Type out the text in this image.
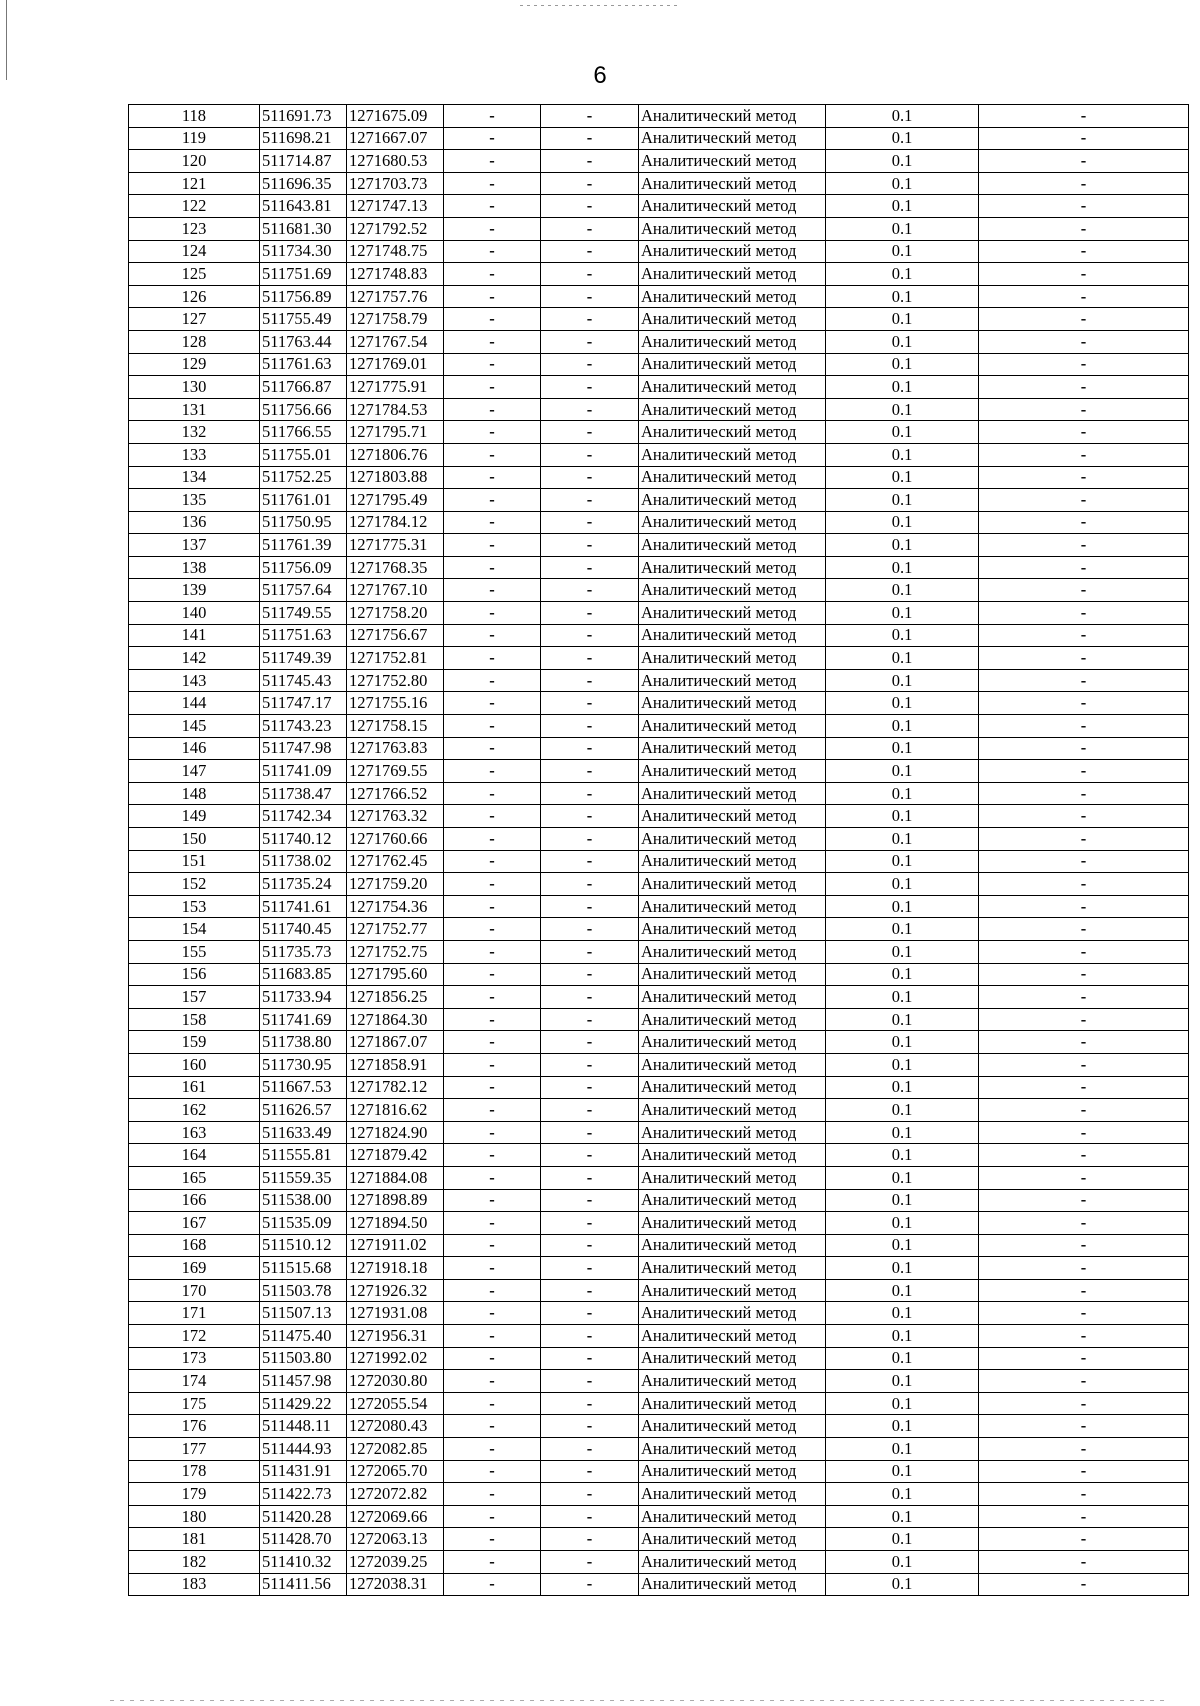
6
118	511691.73	1271675.09	-	-	Аналитический метод	0.1	-
119	511698.21	1271667.07	-	-	Аналитический метод	0.1	-
120	511714.87	1271680.53	-	-	Аналитический метод	0.1	-
121	511696.35	1271703.73	-	-	Аналитический метод	0.1	-
122	511643.81	1271747.13	-	-	Аналитический метод	0.1	-
123	511681.30	1271792.52	-	-	Аналитический метод	0.1	-
124	511734.30	1271748.75	-	-	Аналитический метод	0.1	-
125	511751.69	1271748.83	-	-	Аналитический метод	0.1	-
126	511756.89	1271757.76	-	-	Аналитический метод	0.1	-
127	511755.49	1271758.79	-	-	Аналитический метод	0.1	-
128	511763.44	1271767.54	-	-	Аналитический метод	0.1	-
129	511761.63	1271769.01	-	-	Аналитический метод	0.1	-
130	511766.87	1271775.91	-	-	Аналитический метод	0.1	-
131	511756.66	1271784.53	-	-	Аналитический метод	0.1	-
132	511766.55	1271795.71	-	-	Аналитический метод	0.1	-
133	511755.01	1271806.76	-	-	Аналитический метод	0.1	-
134	511752.25	1271803.88	-	-	Аналитический метод	0.1	-
135	511761.01	1271795.49	-	-	Аналитический метод	0.1	-
136	511750.95	1271784.12	-	-	Аналитический метод	0.1	-
137	511761.39	1271775.31	-	-	Аналитический метод	0.1	-
138	511756.09	1271768.35	-	-	Аналитический метод	0.1	-
139	511757.64	1271767.10	-	-	Аналитический метод	0.1	-
140	511749.55	1271758.20	-	-	Аналитический метод	0.1	-
141	511751.63	1271756.67	-	-	Аналитический метод	0.1	-
142	511749.39	1271752.81	-	-	Аналитический метод	0.1	-
143	511745.43	1271752.80	-	-	Аналитический метод	0.1	-
144	511747.17	1271755.16	-	-	Аналитический метод	0.1	-
145	511743.23	1271758.15	-	-	Аналитический метод	0.1	-
146	511747.98	1271763.83	-	-	Аналитический метод	0.1	-
147	511741.09	1271769.55	-	-	Аналитический метод	0.1	-
148	511738.47	1271766.52	-	-	Аналитический метод	0.1	-
149	511742.34	1271763.32	-	-	Аналитический метод	0.1	-
150	511740.12	1271760.66	-	-	Аналитический метод	0.1	-
151	511738.02	1271762.45	-	-	Аналитический метод	0.1	-
152	511735.24	1271759.20	-	-	Аналитический метод	0.1	-
153	511741.61	1271754.36	-	-	Аналитический метод	0.1	-
154	511740.45	1271752.77	-	-	Аналитический метод	0.1	-
155	511735.73	1271752.75	-	-	Аналитический метод	0.1	-
156	511683.85	1271795.60	-	-	Аналитический метод	0.1	-
157	511733.94	1271856.25	-	-	Аналитический метод	0.1	-
158	511741.69	1271864.30	-	-	Аналитический метод	0.1	-
159	511738.80	1271867.07	-	-	Аналитический метод	0.1	-
160	511730.95	1271858.91	-	-	Аналитический метод	0.1	-
161	511667.53	1271782.12	-	-	Аналитический метод	0.1	-
162	511626.57	1271816.62	-	-	Аналитический метод	0.1	-
163	511633.49	1271824.90	-	-	Аналитический метод	0.1	-
164	511555.81	1271879.42	-	-	Аналитический метод	0.1	-
165	511559.35	1271884.08	-	-	Аналитический метод	0.1	-
166	511538.00	1271898.89	-	-	Аналитический метод	0.1	-
167	511535.09	1271894.50	-	-	Аналитический метод	0.1	-
168	511510.12	1271911.02	-	-	Аналитический метод	0.1	-
169	511515.68	1271918.18	-	-	Аналитический метод	0.1	-
170	511503.78	1271926.32	-	-	Аналитический метод	0.1	-
171	511507.13	1271931.08	-	-	Аналитический метод	0.1	-
172	511475.40	1271956.31	-	-	Аналитический метод	0.1	-
173	511503.80	1271992.02	-	-	Аналитический метод	0.1	-
174	511457.98	1272030.80	-	-	Аналитический метод	0.1	-
175	511429.22	1272055.54	-	-	Аналитический метод	0.1	-
176	511448.11	1272080.43	-	-	Аналитический метод	0.1	-
177	511444.93	1272082.85	-	-	Аналитический метод	0.1	-
178	511431.91	1272065.70	-	-	Аналитический метод	0.1	-
179	511422.73	1272072.82	-	-	Аналитический метод	0.1	-
180	511420.28	1272069.66	-	-	Аналитический метод	0.1	-
181	511428.70	1272063.13	-	-	Аналитический метод	0.1	-
182	511410.32	1272039.25	-	-	Аналитический метод	0.1	-
183	511411.56	1272038.31	-	-	Аналитический метод	0.1	-
